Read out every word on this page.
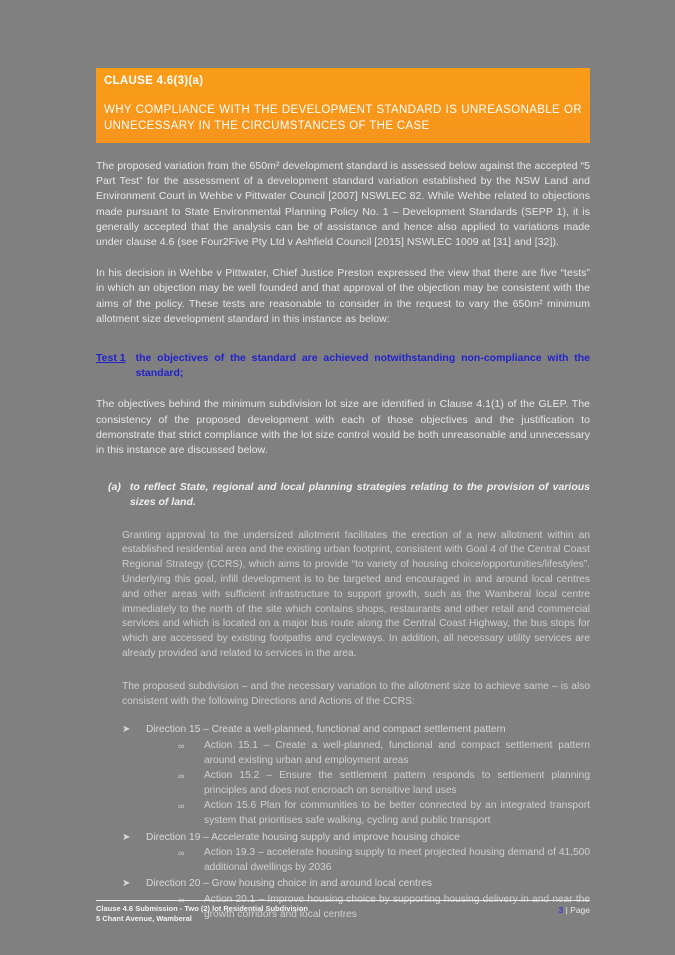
CLAUSE 4.6(3)(a)
WHY COMPLIANCE WITH THE DEVELOPMENT STANDARD IS UNREASONABLE OR UNNECESSARY IN THE CIRCUMSTANCES OF THE CASE
The proposed variation from the 650m² development standard is assessed below against the accepted “5 Part Test” for the assessment of a development standard variation established by the NSW Land and Environment Court in Wehbe v Pittwater Council [2007] NSWLEC 82. While Wehbe related to objections made pursuant to State Environmental Planning Policy No. 1 – Development Standards (SEPP 1), it is generally accepted that the analysis can be of assistance and hence also applied to variations made under clause 4.6 (see Four2Five Pty Ltd v Ashfield Council [2015] NSWLEC 1009 at [31] and [32]).
In his decision in Wehbe v Pittwater, Chief Justice Preston expressed the view that there are five “tests” in which an objection may be well founded and that approval of the objection may be consistent with the aims of the policy. These tests are reasonable to consider in the request to vary the 650m² minimum allotment size development standard in this instance as below:
Test 1 the objectives of the standard are achieved notwithstanding non-compliance with the standard;
The objectives behind the minimum subdivision lot size are identified in Clause 4.1(1) of the GLEP. The consistency of the proposed development with each of those objectives and the justification to demonstrate that strict compliance with the lot size control would be both unreasonable and unnecessary in this instance are discussed below.
(a) to reflect State, regional and local planning strategies relating to the provision of various sizes of land.
Granting approval to the undersized allotment facilitates the erection of a new allotment within an established residential area and the existing urban footprint, consistent with Goal 4 of the Central Coast Regional Strategy (CCRS), which aims to provide “to variety of housing choice/opportunities/lifestyles”. Underlying this goal, infill development is to be targeted and encouraged in and around local centres and other areas with sufficient infrastructure to support growth, such as the Wamberal local centre immediately to the north of the site which contains shops, restaurants and other retail and commercial services and which is located on a major bus route along the Central Coast Highway, the bus stops for which are accessed by existing footpaths and cycleways. In addition, all necessary utility services are already provided and related to services in the area.
The proposed subdivision – and the necessary variation to the allotment size to achieve same – is also consistent with the following Directions and Actions of the CCRS:
➤	Direction 15 – Create a well-planned, functional and compact settlement pattern
∞	Action 15.1 – Create a well-planned, functional and compact settlement pattern around existing urban and employment areas
∞	Action 15.2 – Ensure the settlement pattern responds to settlement planning principles and does not encroach on sensitive land uses
∞	Action 15.6 Plan for communities to be better connected by an integrated transport system that prioritises safe walking, cycling and public transport
➤	Direction 19 – Accelerate housing supply and improve housing choice
∞	Action 19.3 – accelerate housing supply to meet projected housing demand of 41,500 additional dwellings by 2036
➤	Direction 20 – Grow housing choice in and around local centres
∞	Action 20.1 – Improve housing choice by supporting housing delivery in and near the growth corridors and local centres
Clause 4.6 Submission - Two (2) lot Residential Subdivision
5 Chant Avenue, Wamberal
3 | Page
